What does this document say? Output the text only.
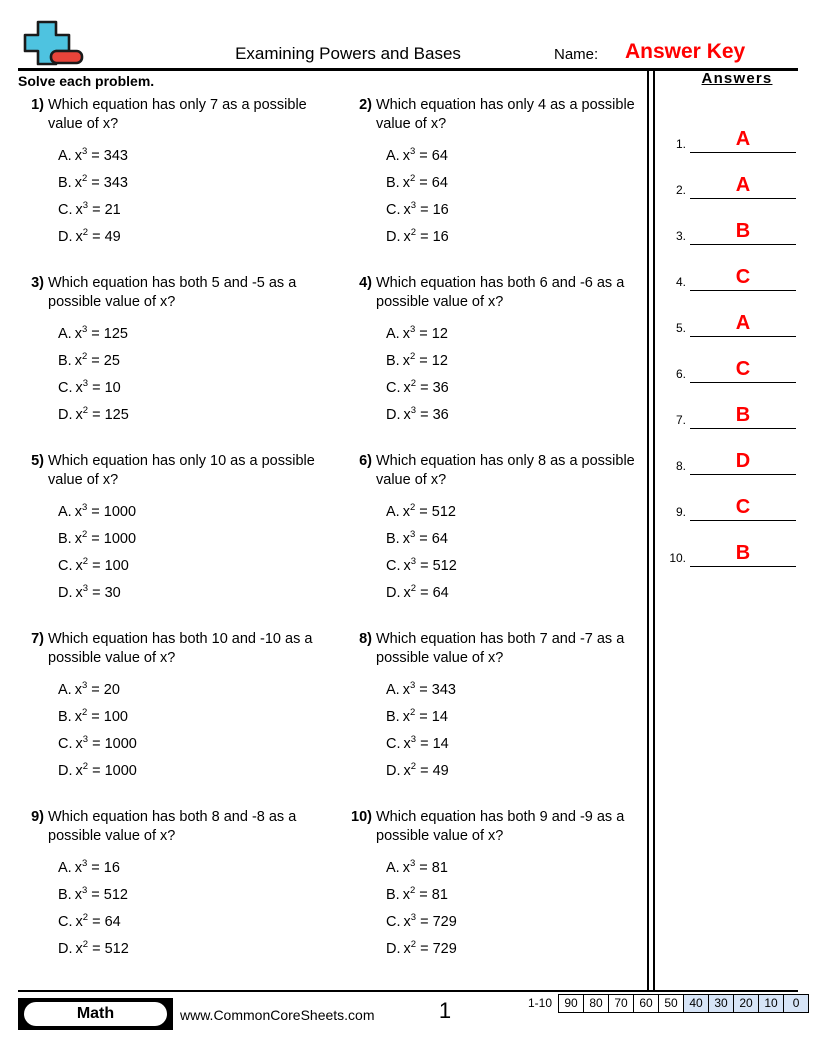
Examining Powers and Bases	Name: Answer Key
Solve each problem.
1) Which equation has only 7 as a possible value of x?
A. $x^3 = 343$
B. $x^2 = 343$
C. $x^3 = 21$
D. $x^2 = 49$
2) Which equation has only 4 as a possible value of x?
A. $x^3 = 64$
B. $x^2 = 64$
C. $x^3 = 16$
D. $x^2 = 16$
3) Which equation has both 5 and -5 as a possible value of x?
A. $x^3 = 125$
B. $x^2 = 25$
C. $x^3 = 10$
D. $x^2 = 125$
4) Which equation has both 6 and -6 as a possible value of x?
A. $x^3 = 12$
B. $x^2 = 12$
C. $x^2 = 36$
D. $x^3 = 36$
5) Which equation has only 10 as a possible value of x?
A. $x^3 = 1000$
B. $x^2 = 1000$
C. $x^2 = 100$
D. $x^3 = 30$
6) Which equation has only 8 as a possible value of x?
A. $x^2 = 512$
B. $x^3 = 64$
C. $x^3 = 512$
D. $x^2 = 64$
7) Which equation has both 10 and -10 as a possible value of x?
A. $x^3 = 20$
B. $x^2 = 100$
C. $x^3 = 1000$
D. $x^2 = 1000$
8) Which equation has both 7 and -7 as a possible value of x?
A. $x^3 = 343$
B. $x^2 = 14$
C. $x^3 = 14$
D. $x^2 = 49$
9) Which equation has both 8 and -8 as a possible value of x?
A. $x^3 = 16$
B. $x^3 = 512$
C. $x^2 = 64$
D. $x^2 = 512$
10) Which equation has both 9 and -9 as a possible value of x?
A. $x^3 = 81$
B. $x^2 = 81$
C. $x^3 = 729$
D. $x^2 = 729$
Answers
1.	A
2.	A
3.	B
4.	C
5.	A
6.	C
7.	B
8.	D
9.	C
10.	B
Math	www.CommonCoreSheets.com	1	1-10	90 80 70 60 50 40 30 20 10	0
